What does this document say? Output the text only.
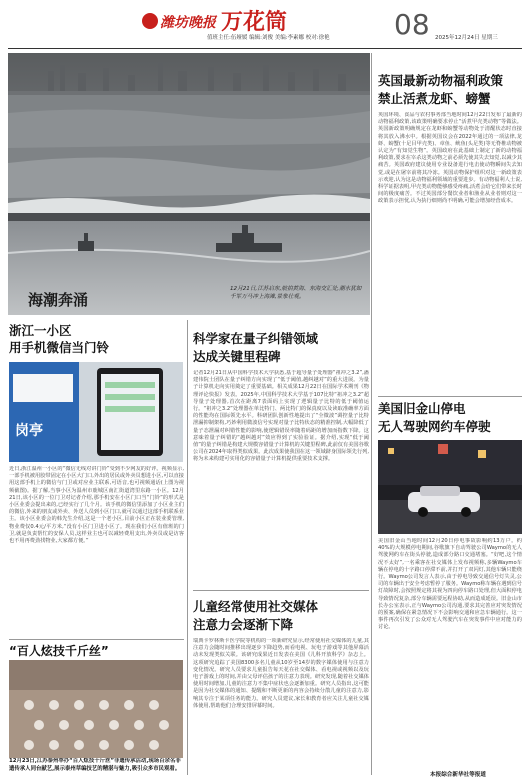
潍坊晚报 万花筒
值班主任:伍娅媛 编辑:刘俊 美编:李素娜 校对:徐艳 08 2025年12月24日 星期三
12月21日,江苏启东,航拍黄海、东海交汇处,潮水犹如千军万马冲上海滩,景象壮观。
海潮奔涌
浙江一小区
用手机微信当门铃
岗亭
近日,浙江温州一小区的“微信无线对讲门铃”受到不少网友的好评。视频显示,一部手机被用胶带固定在小区大门口,外出的居民或外卖员想进小区,可以直接用这部手机上的微信与门卫或对应业主联系,可语音,也可视频通话(上图为视频截图)。据了解,当事小区为温州市鹿城区南汇街道湾里东路一小区。12月21日,该小区的一位门卫对记者介绍,那手机安在小区门口当“门铃”的形式是小区业委会提出来的,已经实行了几个月。该手机的微信里添加了小区业主们的微信,外来的朋友或外卖、外送人员到小区门口,就可以通过这部手机联系业主。该小区业委会的韩先生介绍,这是一个老小区,目前小区正在装业委管理,物业费仅0.4元/平方米,“没有小区门卫进小区了。现在我们小区有值班的门卫,就是负责帮忙的安保人员,这样业主也可以减轻费用支出,外卖员或是访客也不用再费劲找物业,大家都方便。”
“百人炫技千斤丝”
12月23日,江苏泰州举办“百人炫技千斤丝”非遗传承活动,现场百余名非遗传承人同台献艺,展示泰州草编技艺的精湛与魅力,吸引众多市民观看。
科学家在量子纠错领域
达成关键里程碑
记者12月21日从中国科学技术大学获悉,基于超导量子处理器“祖冲之3.2”,潘建伟院士团队在量子纠错方向实现了“低于阈值,越纠越对”的重大进展。为量子计算机走向实用奠定了重要基础。相关成果12月22日在国际学术期刊《物理评论快报》发表。2025年,中国科学技术大学基于107比特“祖冲之3.2”超导量子处理器,首次在距离7表面码上实现了逻辑量子比特的低于阈值运行。“祖冲之3.2”处理器在单比特门、两比特门的保真度以及读取准确率方面的性能均在国际领先水平。科研团队创新性地提出了“全微波”调控量子比特泄漏抑制架构,巧妙利用微波信号实现对量子比特状态的精准控制,大幅降低了量子态泄漏对纠错性能的影响,使逻辑错误率随着码距的增加而指数下降。这意味着量子纠错的“越纠越对”效应得到了实验验证。据介绍,实现“低于阈值”的量子纠错是构建大规模容错量子计算机的关键里程碑,此前仅有美国谷歌公司在2024年取得类似成果。此次成果使我国在这一领域跻身国际领先行列,将为未来构建可实用化的容错量子计算机提供重要技术支撑。
儿童经常使用社交媒体
注意力会逐渐下降
瑞典卡罗林斯卡医学院等机构的一项新研究显示,经常使用社交媒体的儿童,其注意力会随时间推移出现逐步下降趋势,而看电视、玩电子游戏等其他屏幕活动未发现类似关联。该研究成果近日发表在美国《儿科开放科学》杂志上。这项研究追踪了美国8300多名儿童从10岁至14岁的数字媒体使用与注意力变化情况。研究人员要求儿童报告每天花在社交媒体、看电视或视频以及玩电子游戏上的时间,并由父母评估孩子的注意力表现。研究发现,随着社交媒体使用时间增加,儿童的注意力不集中症状也会逐渐加重。研究人员指出,这可能是因为社交媒体的通知、提醒和不断更新的内容会持续分散儿童的注意力,影响其专注于某项任务的能力。研究人员建议,家长和教育者应关注儿童社交媒体使用,帮助他们合理安排屏幕时间。
英国最新动物福利政策
禁止活煮龙虾、螃蟹
英国环境、食品与农村事务部当地时间12月22日发布了最新的动物福利政策,该政策明确要求停止“活煮甲壳类动物”等做法。英国新政策明确规定在龙虾和螃蟹等动物处于清醒状态时直接将其放入沸水中。根据英国议会在2022年通过的一项法律,龙虾、螃蟹(十足目甲壳类)、章鱼、鱿鱼(头足类)等无脊椎动物被认定为“有知觉生物”。英国政府在此基础上制定了新的动物福利政策,要求在宰杀这类动物之前必须先使其失去知觉,以减少其痛苦。英国政府建议使用专业设备进行电击使动物瞬间失去知觉,或是在屠宰前将其冷冻。英国动物保护组织对这一新政策表示欢迎,认为这是动物福利领域的重要进步。有动物福利人士说,科学证据表明,甲壳类动物能够感受疼痛,活煮会给它们带来长时间的极度痛苦。不过英国部分餐饮业者和渔业从业者则对这一政策表示担忧,认为执行细则尚不明确,可能会增加经营成本。
美国旧金山停电
无人驾驶网约车停驶
美国旧金山当地时间12月20日停电事故影响约13万户。约40%的大规模停电期间,谷歌旗下自动驾驶公司Waymo的无人驾驶网约车在街头停驶,造成部分路口交通堵塞。“好吧,这个情况不太好”,一名乘客在社交媒体上发布视频称,多辆Waymo车辆在停电的十字路口停滞不前,并打开了双闪灯,其他车辆只能绕行。Waymo公司发言人表示,由于停电导致交通信号灯失灵,公司的车辆出于安全考虑暂停了服务。Waymo称车辆在遇到信号灯故障时,会按照规定将其视为四向停车路口处理,但大面积停电导致情况复杂,部分车辆需要远程协助,从而造成延误。旧金山市长办公室表示,正与Waymo公司沟通,要求其完善应对突发情况的预案,确保在紧急情况下不会影响交通和应急车辆通行。这一事件再次引发了公众对无人驾驶汽车在突发事件中应对能力的讨论。
本报综合新华社等报道
